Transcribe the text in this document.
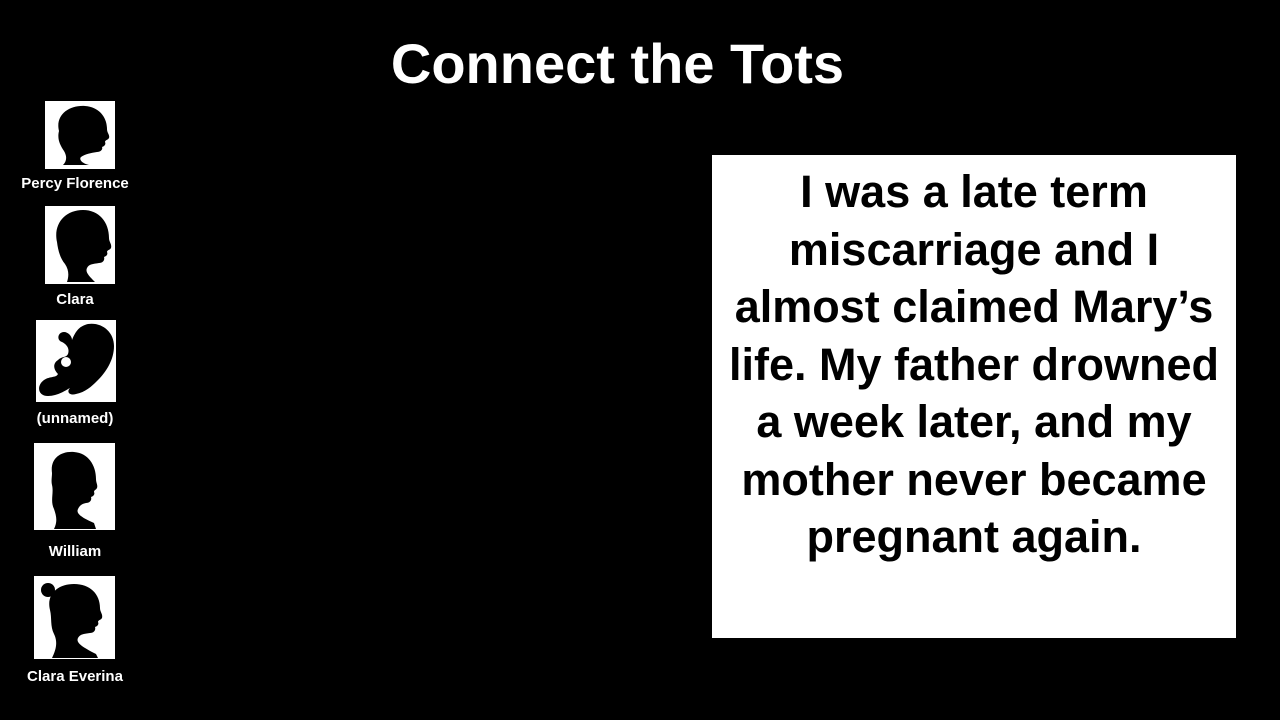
Connect the Tots
Percy Florence
Clara
(unnamed)
William
Clara Everina
I was a late term miscarriage and I almost claimed Mary’s life. My father drowned a week later, and my mother never became pregnant again.
